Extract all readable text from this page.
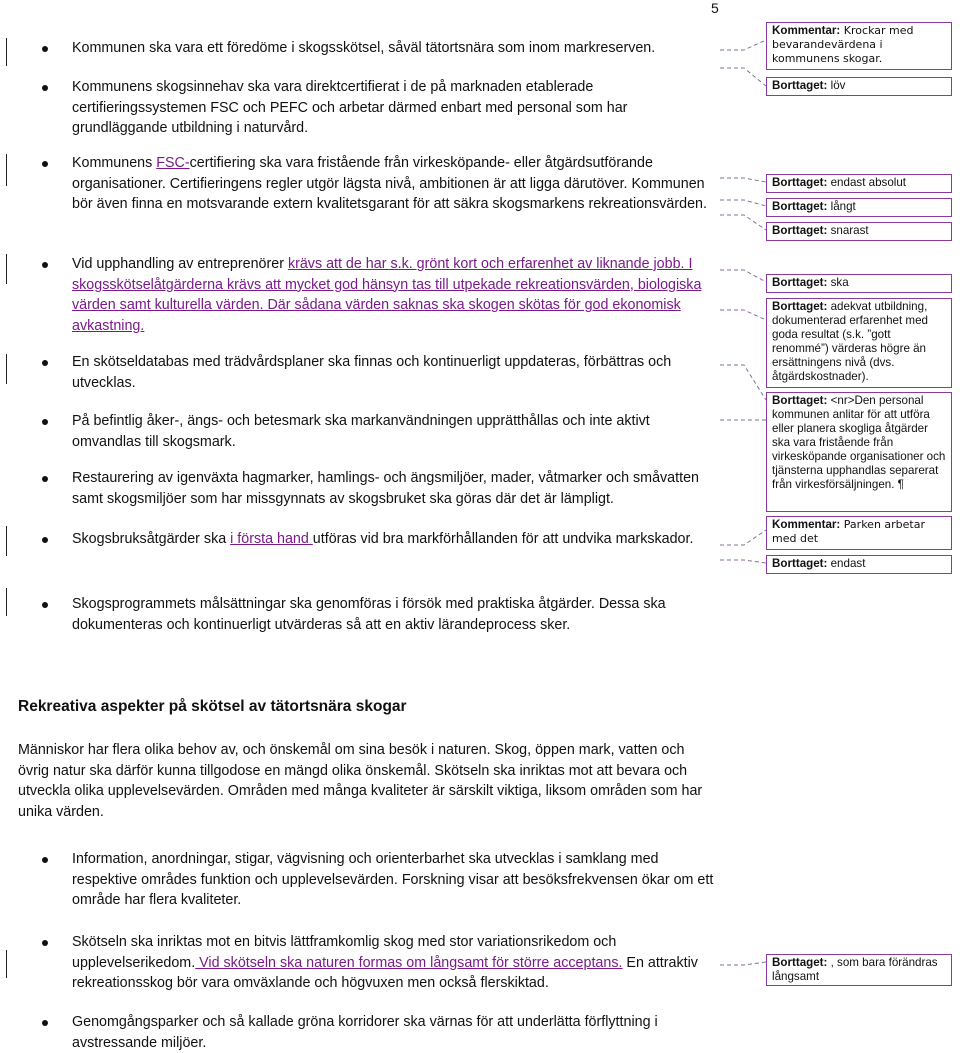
5
Kommunen ska vara ett föredöme i skogsskötsel, såväl tätortsnära som inom markreserven.
Kommunens skogsinnehav ska vara direktcertifierat i de på marknaden etablerade certifieringssystemen FSC och PEFC och arbetar därmed enbart med personal som har grundläggande utbildning i naturvård.
Kommunens FSC-certifiering ska vara fristående från virkesköpande- eller åtgärdsutförande organisationer. Certifieringens regler utgör lägsta nivå, ambitionen är att ligga därutöver. Kommunen bör även finna en motsvarande extern kvalitetsgarant för att säkra skogsmarkens rekreationsvärden.
Vid upphandling av entreprenörer krävs att de har s.k. grönt kort och erfarenhet av liknande jobb. I skogsskötselåtgärderna krävs att mycket god hänsyn tas till utpekade rekreationsvärden, biologiska värden samt kulturella värden. Där sådana värden saknas ska skogen skötas för god ekonomisk avkastning.
En skötseldatabas med trädvårdsplaner ska finnas och kontinuerligt uppdateras, förbättras och utvecklas.
På befintlig åker-, ängs- och betesmark ska markanvändningen upprätthållas och inte aktivt omvandlas till skogsmark.
Restaurering av igenväxta hagmarker, hamlings- och ängsmiljöer, mader, våtmarker och småvatten samt skogsmiljöer som har missgynnats av skogsbruket ska göras där det är lämpligt.
Skogsbruksåtgärder ska i första hand utföras vid bra markförhållanden för att undvika markskador.
Skogsprogrammets målsättningar ska genomföras i försök med praktiska åtgärder. Dessa ska dokumenteras och kontinuerligt utvärderas så att en aktiv lärandeprocess sker.
Rekreativa aspekter på skötsel av tätortsnära skogar
Människor har flera olika behov av, och önskemål om sina besök i naturen. Skog, öppen mark, vatten och övrig natur ska därför kunna tillgodose en mängd olika önskemål. Skötseln ska inriktas mot att bevara och utveckla olika upplevelsevärden. Områden med många kvaliteter är särskilt viktiga, liksom områden som har unika värden.
Information, anordningar, stigar, vägvisning och orienterbarhet ska utvecklas i samklang med respektive områdes funktion och upplevelsevärden. Forskning visar att besöksfrekvensen ökar om ett område har flera kvaliteter.
Skötseln ska inriktas mot en bitvis lättframkomlig skog med stor variationsrikedom och upplevelserikedom. Vid skötseln ska naturen formas om långsamt för större acceptans. En attraktiv rekreationsskog bör vara omväxlande och högvuxen men också flerskiktad.
Genomgångsparker och så kallade gröna korridorer ska värnas för att underlätta förflyttning i avstressande miljöer.
Kommentar: Krockar med bevarandevärdena i kommunens skogar.
Borttaget: löv
Borttaget: endast absolut
Borttaget: långt
Borttaget: snarast
Borttaget: ska
Borttaget: adekvat utbildning, dokumenterad erfarenhet med goda resultat (s.k. ”gott renommé”) värderas högre än ersättningens nivå (dvs. åtgärdskostnader).
Borttaget: <nr>Den personal kommunen anlitar för att utföra eller planera skogliga åtgärder ska vara fristående från virkesköpande organisationer och tjänsterna upphandlas separerat från virkesförsäljningen. ¶
Kommentar: Parken arbetar med det
Borttaget: endast
Borttaget: , som bara förändras långsamt
